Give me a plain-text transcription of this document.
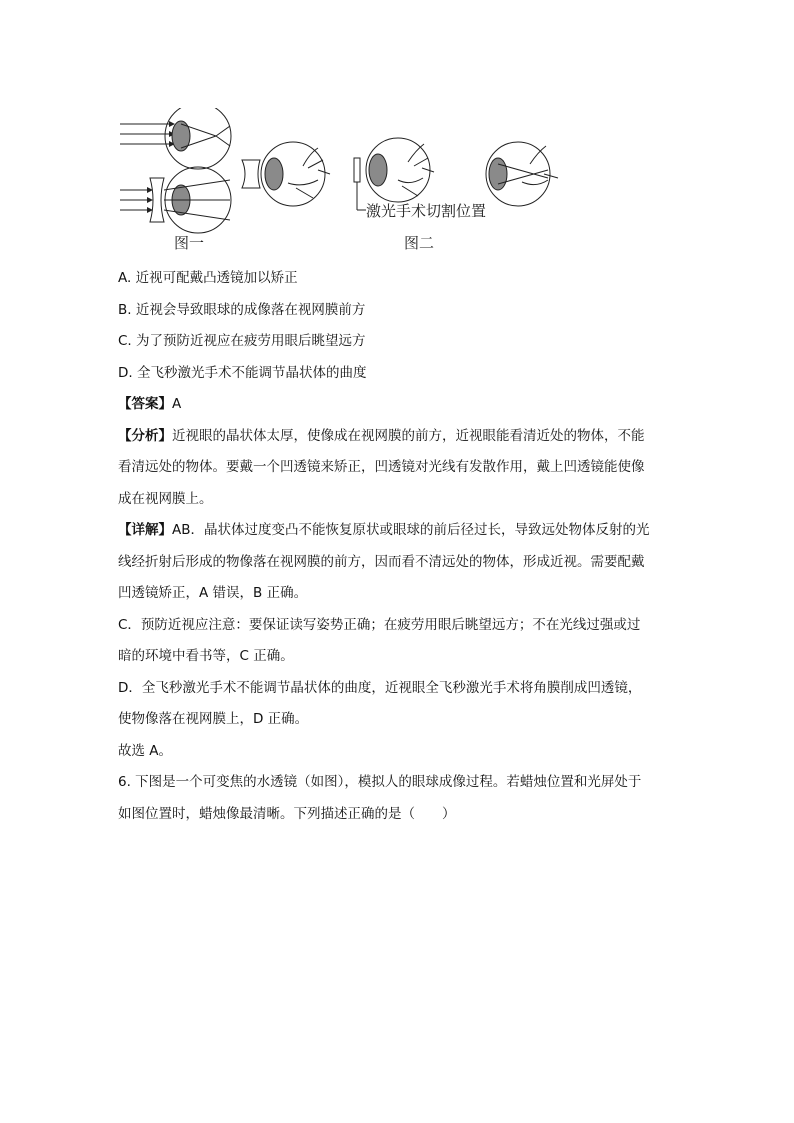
激光手术切割位置
图一	图二
A. 近视可配戴凸透镜加以矫正
B. 近视会导致眼球的成像落在视网膜前方
C. 为了预防近视应在疲劳用眼后眺望远方
D. 全飞秒激光手术不能调节晶状体的曲度
【答案】A
【分析】近视眼的晶状体太厚，使像成在视网膜的前方，近视眼能看清近处的物体，不能
看清远处的物体。要戴一个凹透镜来矫正，凹透镜对光线有发散作用，戴上凹透镜能使像
成在视网膜上。
【详解】AB．晶状体过度变凸不能恢复原状或眼球的前后径过长，导致远处物体反射的光
线经折射后形成的物像落在视网膜的前方，因而看不清远处的物体，形成近视。需要配戴
凹透镜矫正，A 错误，B 正确。
C．预防近视应注意：要保证读写姿势正确；在疲劳用眼后眺望远方；不在光线过强或过
暗的环境中看书等，C 正确。
D．全飞秒激光手术不能调节晶状体的曲度，近视眼全飞秒激光手术将角膜削成凹透镜，
使物像落在视网膜上，D 正确。
故选 A。
6. 下图是一个可变焦的水透镜（如图），模拟人的眼球成像过程。若蜡烛位置和光屏处于
如图位置时，蜡烛像最清晰。下列描述正确的是（　　）
